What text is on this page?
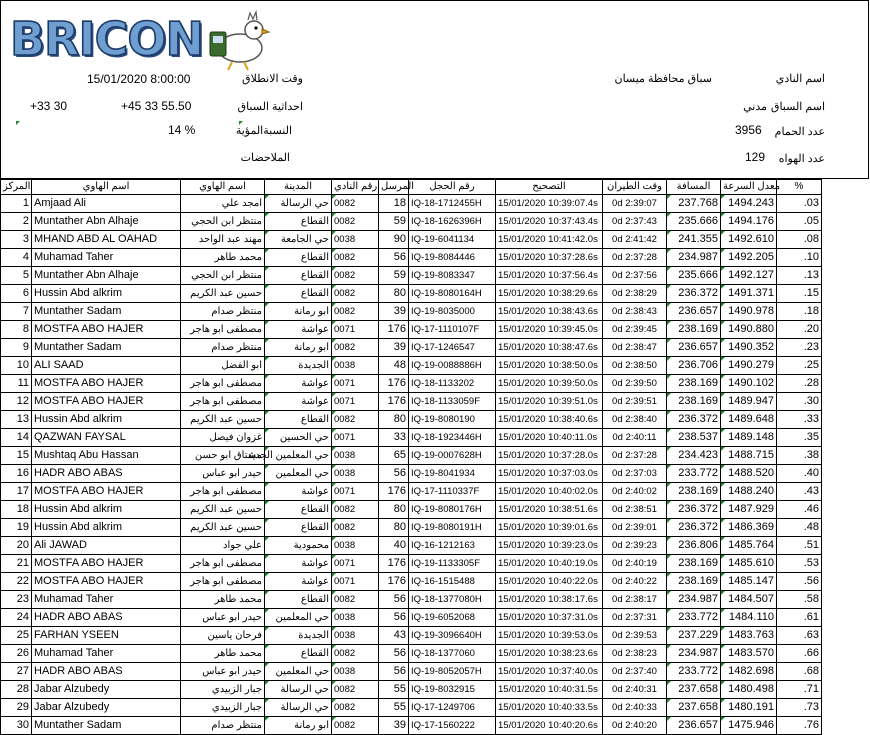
BRICON
اسم النادي
سباق محافظة ميسان
اسم السباق
مدني
عدد الحمام
3956
عدد الهواه
129
وقت الانطلاق
15/01/2020 8:00:00
احداثية السباق
+45 33 55.50
+33 30
النسبةالمؤية
14 %
الملاحضات
المركز	اسم الهاوي	اسم الهاوي	المدينة	رقم النادي	المرسل	رقم الحجل	التصحيح	وقت الطيران	المسافة	معدل السرعة	%
1	Amjaad Ali	امجد علي	حي الرسالة	0082	18	IQ-18-1712455H	15/01/2020 10:39:07.4s	0d 2:39:07	237.768	1494.243	.03
2	Muntather Abn Alhaje	منتظر ابن الحجي	القطاع	0082	59	IQ-18-1626396H	15/01/2020 10:37:43.4s	0d 2:37:43	235.666	1494.176	.05
3	MHAND ABD AL OAHAD	مهند عبد الواحد	حي الجامعة	0038	90	IQ-19-6041134	15/01/2020 10:41:42.0s	0d 2:41:42	241.355	1492.610	.08
4	Muhamad Taher	محمد طاهر	القطاع	0082	56	IQ-19-8084446	15/01/2020 10:37:28.6s	0d 2:37:28	234.987	1492.205	.10
5	Muntather Abn Alhaje	منتظر ابن الحجي	القطاع	0082	59	IQ-19-8083347	15/01/2020 10:37:56.4s	0d 2:37:56	235.666	1492.127	.13
6	Hussin Abd alkrim	حسين عبد الكريم	القطاع	0082	80	IQ-19-8080164H	15/01/2020 10:38:29.6s	0d 2:38:29	236.372	1491.371	.15
7	Muntather Sadam	منتظر صدام	ابو رمانة	0082	39	IQ-19-8035000	15/01/2020 10:38:43.6s	0d 2:38:43	236.657	1490.978	.18
8	MOSTFA ABO HAJER	مصطفى ابو هاجر	عواشة	0071	176	IQ-17-1110107F	15/01/2020 10:39:45.0s	0d 2:39:45	238.169	1490.880	.20
9	Muntather Sadam	منتظر صدام	ابو رمانة	0082	39	IQ-17-1246547	15/01/2020 10:38:47.6s	0d 2:38:47	236.657	1490.352	.23
10	ALI SAAD	ابو الفضل	الجديدة	0038	48	IQ-19-0088886H	15/01/2020 10:38:50.0s	0d 2:38:50	236.706	1490.279	.25
11	MOSTFA ABO HAJER	مصطفى ابو هاجر	عواشة	0071	176	IQ-18-1133202	15/01/2020 10:39:50.0s	0d 2:39:50	238.169	1490.102	.28
12	MOSTFA ABO HAJER	مصطفى ابو هاجر	عواشة	0071	176	IQ-18-1133059F	15/01/2020 10:39:51.0s	0d 2:39:51	238.169	1489.947	.30
13	Hussin Abd alkrim	حسين عبد الكريم	القطاع	0082	80	IQ-19-8080190	15/01/2020 10:38:40.6s	0d 2:38:40	236.372	1489.648	.33
14	QAZWAN FAYSAL	غزوان فيصل	حي الحسين	0071	33	IQ-18-1923446H	15/01/2020 10:40:11.0s	0d 2:40:11	238.537	1489.148	.35
15	Mushtaq Abu Hassan	مشتاق ابو حسن	حي المعلمين الجديد	0038	65	IQ-19-0007628H	15/01/2020 10:37:28.0s	0d 2:37:28	234.423	1488.715	.38
16	HADR ABO ABAS	حيدر ابو عباس	حي المعلمين	0038	56	IQ-19-8041934	15/01/2020 10:37:03.0s	0d 2:37:03	233.772	1488.520	.40
17	MOSTFA ABO HAJER	مصطفى ابو هاجر	عواشة	0071	176	IQ-17-1110337F	15/01/2020 10:40:02.0s	0d 2:40:02	238.169	1488.240	.43
18	Hussin Abd alkrim	حسين عبد الكريم	القطاع	0082	80	IQ-19-8080176H	15/01/2020 10:38:51.6s	0d 2:38:51	236.372	1487.929	.46
19	Hussin Abd alkrim	حسين عبد الكريم	القطاع	0082	80	IQ-19-8080191H	15/01/2020 10:39:01.6s	0d 2:39:01	236.372	1486.369	.48
20	Ali JAWAD	علي جواد	محمودية	0038	40	IQ-16-1212163	15/01/2020 10:39:23.0s	0d 2:39:23	236.806	1485.764	.51
21	MOSTFA ABO HAJER	مصطفى ابو هاجر	عواشة	0071	176	IQ-19-1133305F	15/01/2020 10:40:19.0s	0d 2:40:19	238.169	1485.610	.53
22	MOSTFA ABO HAJER	مصطفى ابو هاجر	عواشة	0071	176	IQ-16-1515488	15/01/2020 10:40:22.0s	0d 2:40:22	238.169	1485.147	.56
23	Muhamad Taher	محمد طاهر	القطاع	0082	56	IQ-18-1377080H	15/01/2020 10:38:17.6s	0d 2:38:17	234.987	1484.507	.58
24	HADR ABO ABAS	حيدر ابو عباس	حي المعلمين	0038	56	IQ-19-6052068	15/01/2020 10:37:31.0s	0d 2:37:31	233.772	1484.110	.61
25	FARHAN YSEEN	فرحان ياسين	الجديدة	0038	43	IQ-19-3096640H	15/01/2020 10:39:53.0s	0d 2:39:53	237.229	1483.763	.63
26	Muhamad Taher	محمد طاهر	القطاع	0082	56	IQ-18-1377060	15/01/2020 10:38:23.6s	0d 2:38:23	234.987	1483.570	.66
27	HADR ABO ABAS	حيدر ابو عباس	حي المعلمين	0038	56	IQ-19-8052057H	15/01/2020 10:37:40.0s	0d 2:37:40	233.772	1482.698	.68
28	Jabar Alzubedy	جبار الزبيدي	حي الرسالة	0082	55	IQ-19-8032915	15/01/2020 10:40:31.5s	0d 2:40:31	237.658	1480.498	.71
29	Jabar Alzubedy	جبار الزبيدي	حي الرسالة	0082	55	IQ-17-1249706	15/01/2020 10:40:33.5s	0d 2:40:33	237.658	1480.191	.73
30	Muntather Sadam	منتظر صدام	ابو رمانة	0082	39	IQ-17-1560222	15/01/2020 10:40:20.6s	0d 2:40:20	236.657	1475.946	.76
